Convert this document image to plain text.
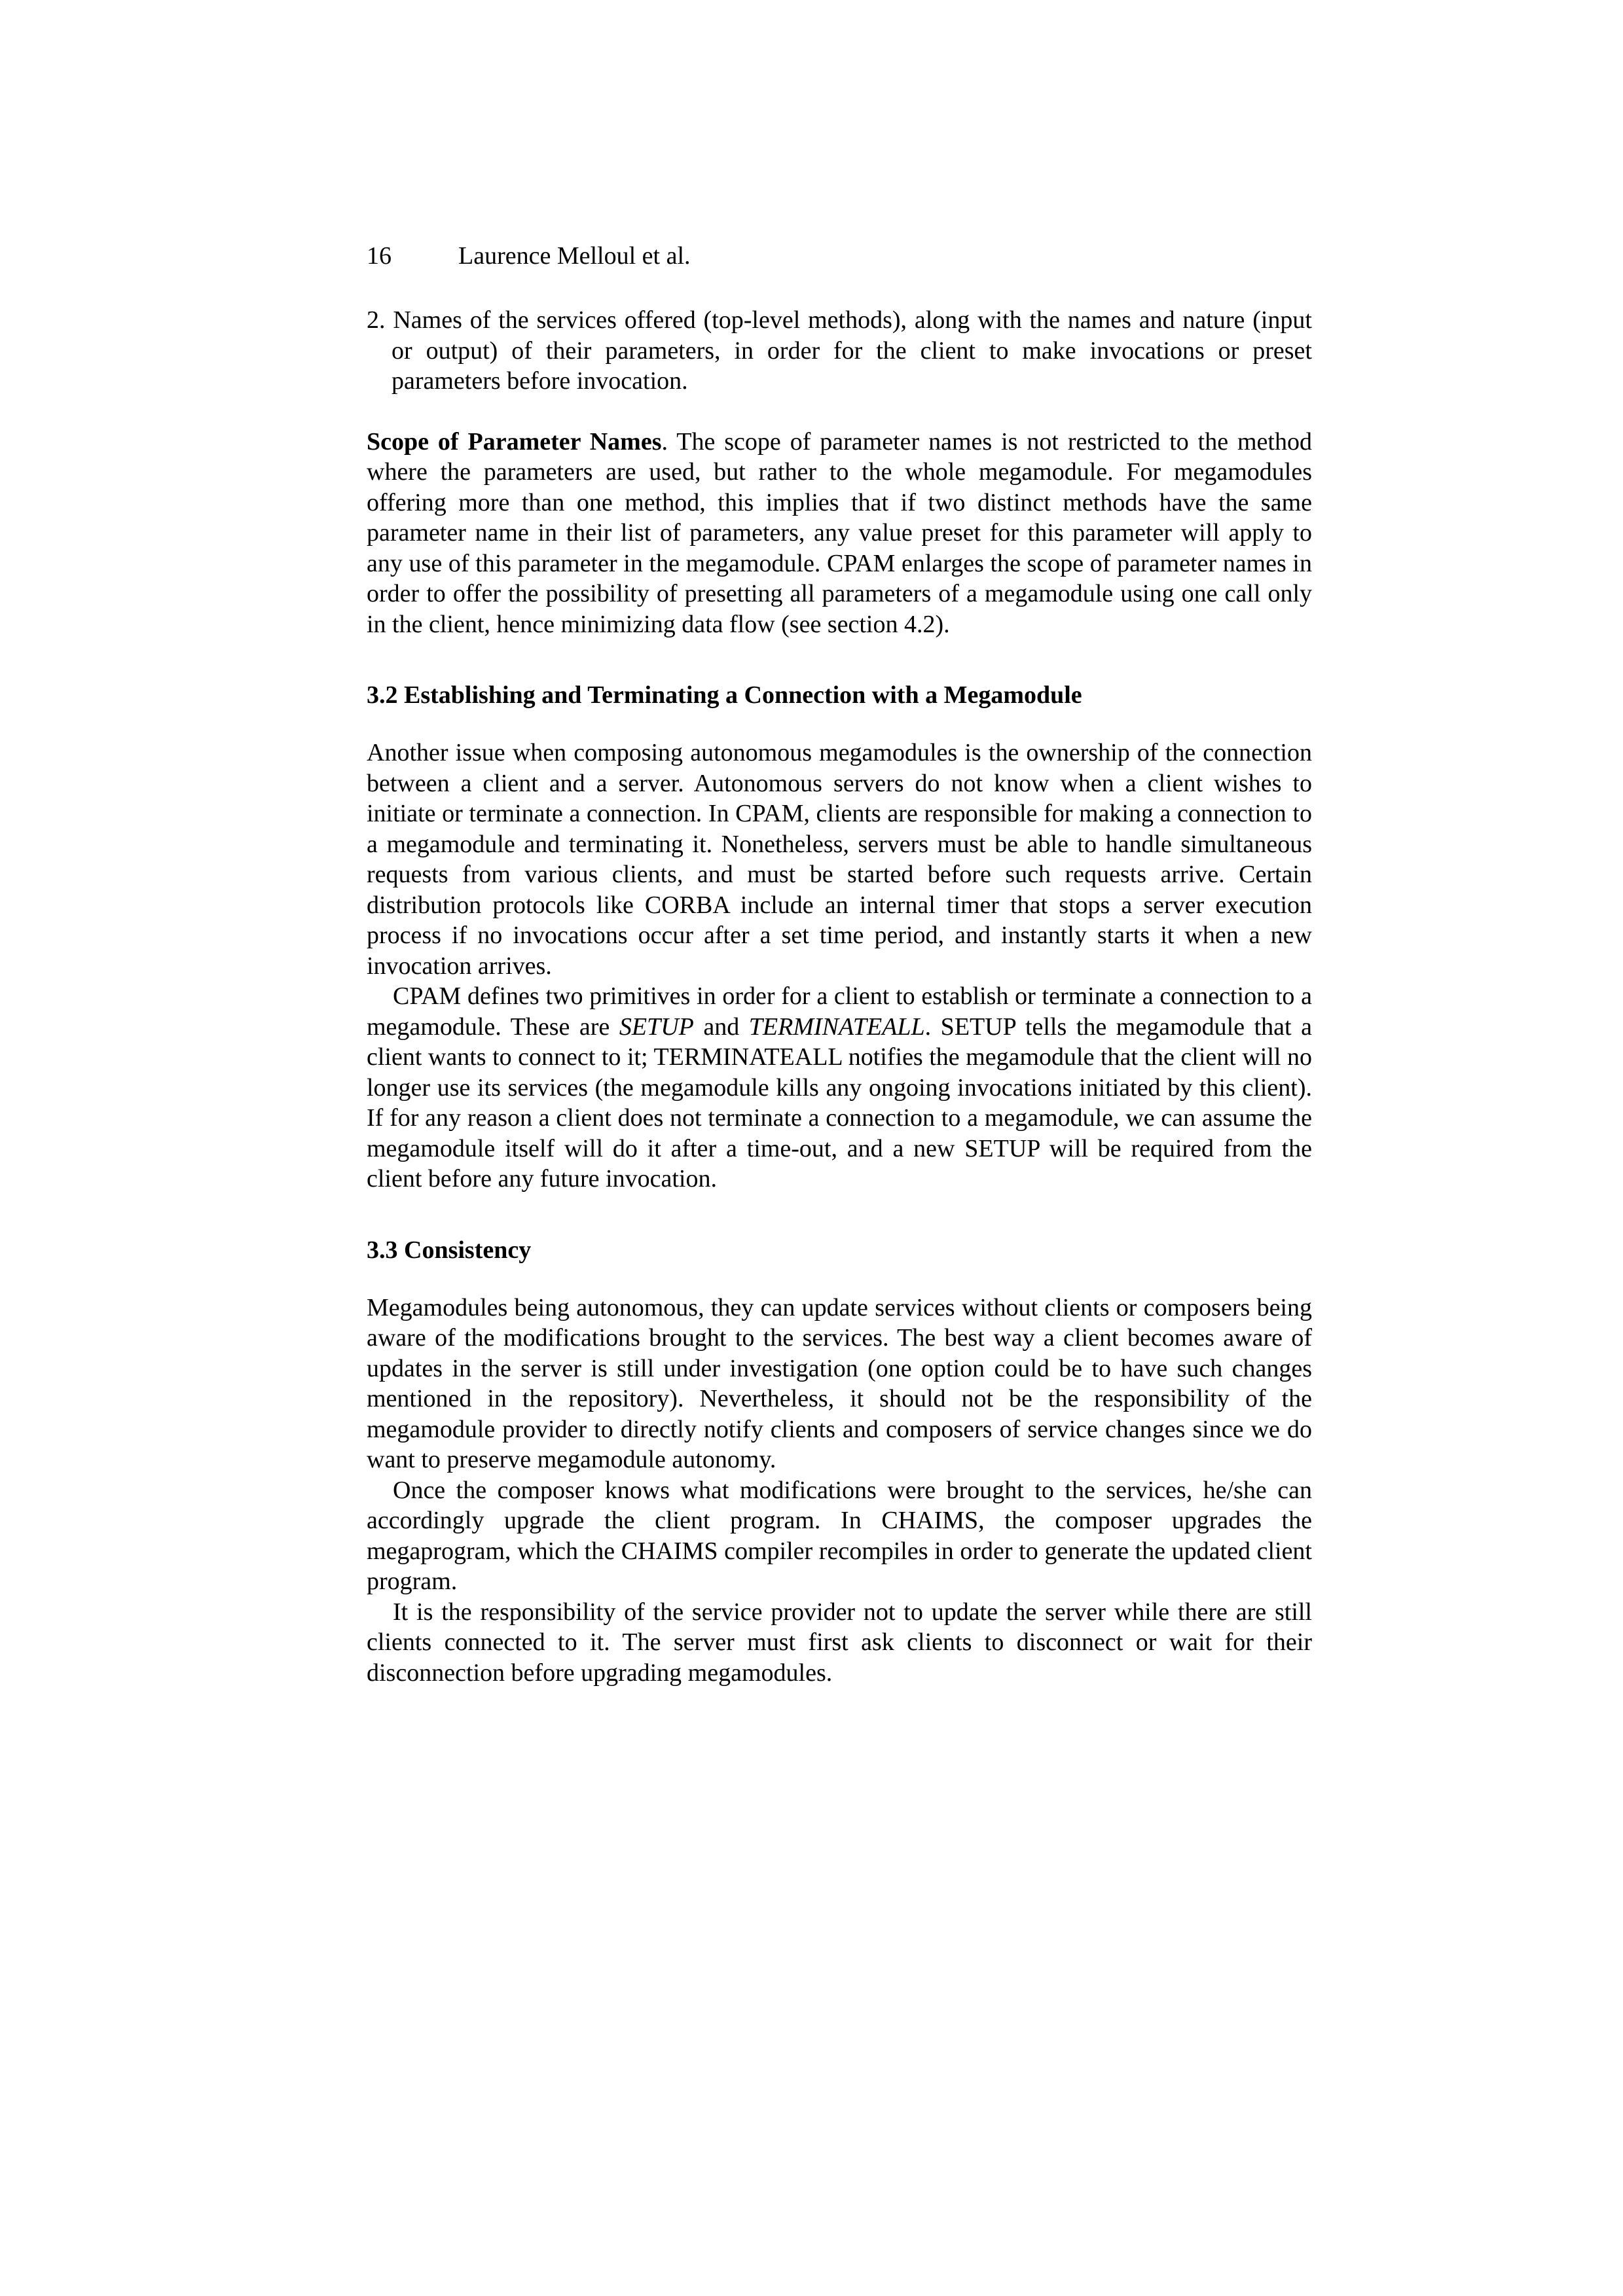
16	Laurence Melloul et al.
2. Names of the services offered (top-level methods), along with the names and nature (input or output) of their parameters, in order for the client to make invocations or preset parameters before invocation.

Scope of Parameter Names. The scope of parameter names is not restricted to the method where the parameters are used, but rather to the whole megamodule. For megamodules offering more than one method, this implies that if two distinct methods have the same parameter name in their list of parameters, any value preset for this parameter will apply to any use of this parameter in the megamodule. CPAM enlarges the scope of parameter names in order to offer the possibility of presetting all parameters of a megamodule using one call only in the client, hence minimizing data flow (see section 4.2).

3.2 Establishing and Terminating a Connection with a Megamodule

Another issue when composing autonomous megamodules is the ownership of the connection between a client and a server. Autonomous servers do not know when a client wishes to initiate or terminate a connection. In CPAM, clients are responsible for making a connection to a megamodule and terminating it. Nonetheless, servers must be able to handle simultaneous requests from various clients, and must be started before such requests arrive. Certain distribution protocols like CORBA include an internal timer that stops a server execution process if no invocations occur after a set time period, and instantly starts it when a new invocation arrives.

CPAM defines two primitives in order for a client to establish or terminate a connection to a megamodule. These are SETUP and TERMINATEALL. SETUP tells the megamodule that a client wants to connect to it; TERMINATEALL notifies the megamodule that the client will no longer use its services (the megamodule kills any ongoing invocations initiated by this client). If for any reason a client does not terminate a connection to a megamodule, we can assume the megamodule itself will do it after a time-out, and a new SETUP will be required from the client before any future invocation.

3.3 Consistency

Megamodules being autonomous, they can update services without clients or composers being aware of the modifications brought to the services. The best way a client becomes aware of updates in the server is still under investigation (one option could be to have such changes mentioned in the repository). Nevertheless, it should not be the responsibility of the megamodule provider to directly notify clients and composers of service changes since we do want to preserve megamodule autonomy.

Once the composer knows what modifications were brought to the services, he/she can accordingly upgrade the client program. In CHAIMS, the composer upgrades the megaprogram, which the CHAIMS compiler recompiles in order to generate the updated client program.

It is the responsibility of the service provider not to update the server while there are still clients connected to it. The server must first ask clients to disconnect or wait for their disconnection before upgrading megamodules.
